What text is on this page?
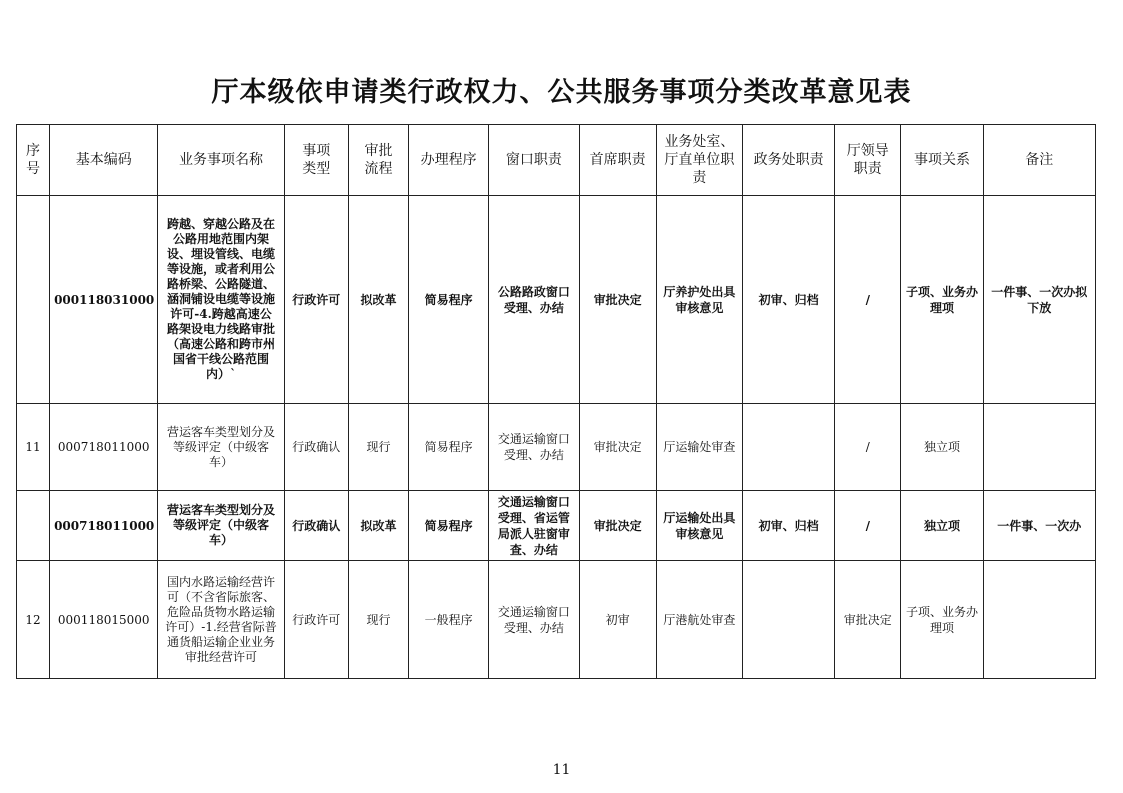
厅本级依申请类行政权力、公共服务事项分类改革意见表
序号	基本编码	业务事项名称	事项类型	审批流程	办理程序	窗口职责	首席职责	业务处室、厅直单位职责	政务处职责	厅领导职责	事项关系	备注
	000118031000	跨越、穿越公路及在公路用地范围内架设、埋设管线、电缆等设施，或者利用公路桥梁、公路隧道、涵洞铺设电缆等设施许可-4.跨越高速公路架设电力线路审批（高速公路和跨市州国省干线公路范围内）`	行政许可	拟改革	简易程序	公路路政窗口受理、办结	审批决定	厅养护处出具审核意见	初审、归档	/	子项、业务办理项	一件事、一次办拟下放
11	000718011000	营运客车类型划分及等级评定（中级客车）	行政确认	现行	简易程序	交通运输窗口受理、办结	审批决定	厅运输处审查		/	独立项	
	000718011000	营运客车类型划分及等级评定（中级客车）	行政确认	拟改革	简易程序	交通运输窗口受理、省运管局派人驻窗审查、办结	审批决定	厅运输处出具审核意见	初审、归档	/	独立项	一件事、一次办
12	000118015000	国内水路运输经营许可（不含省际旅客、危险品货物水路运输许可）-1.经营省际普通货船运输企业业务审批经营许可	行政许可	现行	一般程序	交通运输窗口受理、办结	初审	厅港航处审查		审批决定	子项、业务办理项	
11
